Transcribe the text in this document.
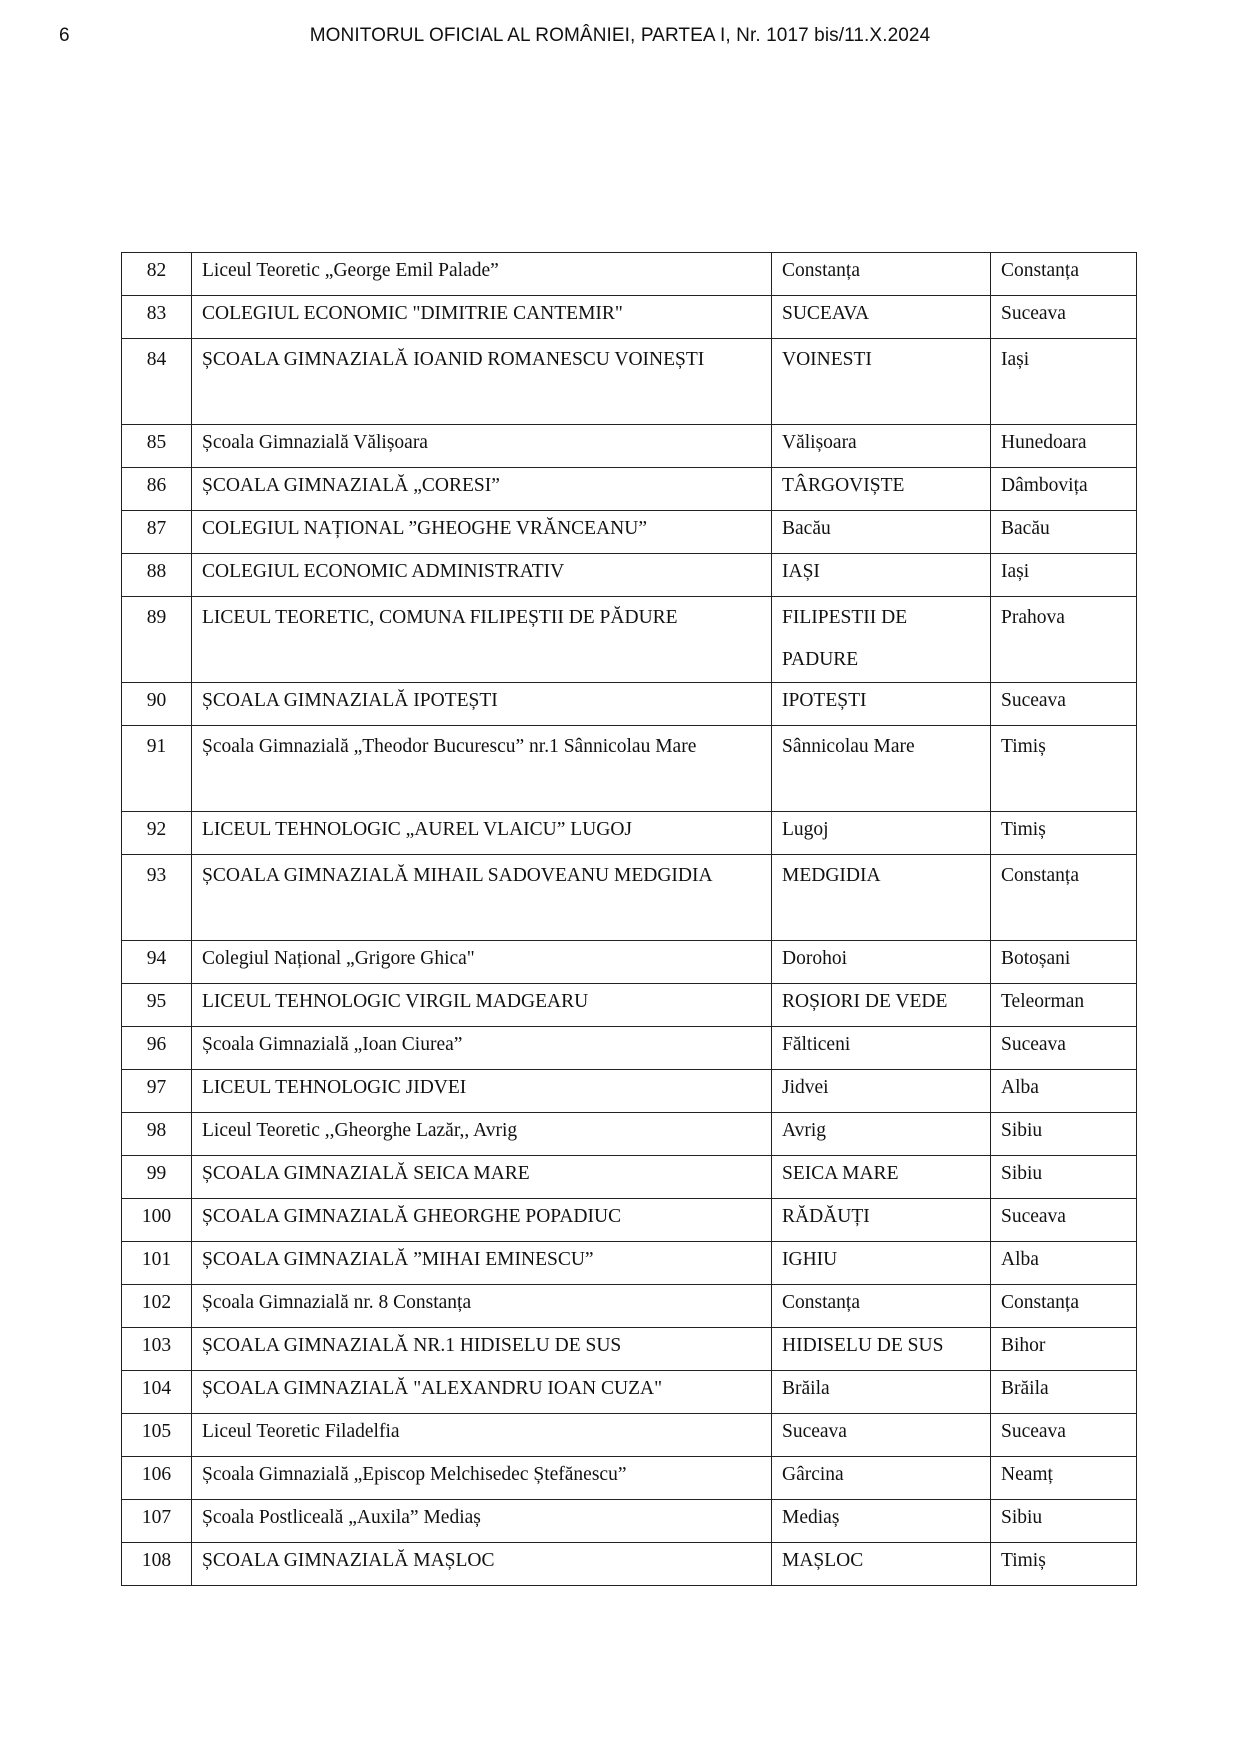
6	MONITORUL OFICIAL AL ROMÂNIEI, PARTEA I, Nr. 1017 bis/11.X.2024
82	Liceul Teoretic „George Emil Palade”	Constanța	Constanța
83	COLEGIUL ECONOMIC "DIMITRIE CANTEMIR"	SUCEAVA	Suceava
84	ȘCOALA GIMNAZIALĂ IOANID ROMANESCU VOINEȘTI	VOINESTI	Iași
85	Școala Gimnazială Vălișoara	Vălișoara	Hunedoara
86	ȘCOALA GIMNAZIALĂ „CORESI”	TÂRGOVIȘTE	Dâmbovița
87	COLEGIUL NAȚIONAL ”GHEOGHE VRĂNCEANU”	Bacău	Bacău
88	COLEGIUL ECONOMIC ADMINISTRATIV	IAȘI	Iași
89	LICEUL TEORETIC, COMUNA FILIPEȘTII DE PĂDURE	FILIPESTII DE PADURE	Prahova
90	ȘCOALA GIMNAZIALĂ IPOTEȘTI	IPOTEȘTI	Suceava
91	Școala Gimnazială „Theodor Bucurescu” nr.1 Sânnicolau Mare	Sânnicolau Mare	Timiș
92	LICEUL TEHNOLOGIC „AUREL VLAICU” LUGOJ	Lugoj	Timiș
93	ȘCOALA GIMNAZIALĂ MIHAIL SADOVEANU MEDGIDIA	MEDGIDIA	Constanța
94	Colegiul Național „Grigore Ghica"	Dorohoi	Botoșani
95	LICEUL TEHNOLOGIC VIRGIL MADGEARU	ROȘIORI DE VEDE	Teleorman
96	Școala Gimnazială „Ioan Ciurea”	Fălticeni	Suceava
97	LICEUL TEHNOLOGIC JIDVEI	Jidvei	Alba
98	Liceul Teoretic ,,Gheorghe Lazăr,, Avrig	Avrig	Sibiu
99	ȘCOALA GIMNAZIALĂ SEICA MARE	SEICA MARE	Sibiu
100	ȘCOALA GIMNAZIALĂ GHEORGHE POPADIUC	RĂDĂUȚI	Suceava
101	ȘCOALA GIMNAZIALĂ ”MIHAI EMINESCU”	IGHIU	Alba
102	Școala Gimnazială nr. 8 Constanța	Constanța	Constanța
103	ȘCOALA GIMNAZIALĂ NR.1 HIDISELU DE SUS	HIDISELU DE SUS	Bihor
104	ȘCOALA GIMNAZIALĂ "ALEXANDRU IOAN CUZA"	Brăila	Brăila
105	Liceul Teoretic Filadelfia	Suceava	Suceava
106	Școala Gimnazială „Episcop Melchisedec Ștefănescu”	Gârcina	Neamț
107	Școala Postliceală „Auxila” Mediaș	Mediaș	Sibiu
108	ȘCOALA GIMNAZIALĂ MAȘLOC	MAȘLOC	Timiș
